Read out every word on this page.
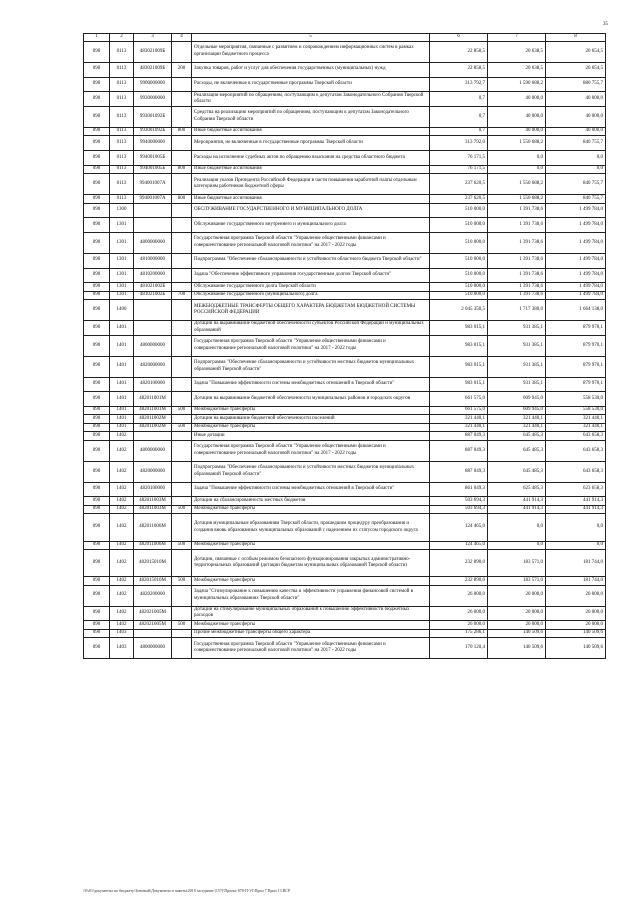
35
1	2	3	4	5	6	7	8
090	0113	483021009Б		Отдельные мероприятия, связанные с развитием и сопровождением информационных систем в рамках организации бюджетного процесса	22 858,5	20 638,5	20 654,5
090	0113	483021009Б	200	Закупка товаров, работ и услуг для обеспечения государственных (муниципальных) нужд	22 858,5	20 638,5	20 654,5
090	0113	9900000000		Расходы, не включенные в государственные программы Тверской области	313 792,7	1 590 688,2	880 755,7
090	0113	9930000000		Реализация мероприятий по обращениям, поступающим к депутатам Законодательного Собрания Тверской области	0,7	40 000,0	40 000,0
090	0113	993001092Б		Средства на реализацию мероприятий по обращениям, поступающим к депутатам Законодательного Собрания Тверской области	0,7	40 000,0	40 000,0
090	0113	993001092Б	800	Иные бюджетные ассигнования	0,7	40 000,0	40 000,0
090	0113	9940000000		Мероприятия, не включенные в государственные программы Тверской области	313 792,0	1 550 688,2	840 755,7
090	0113	994001005Б		Расходы на исполнение судебных актов по обращению взыскания на средства областного бюджета	76 171,5	0,0	0,0
090	0113	994001005Б	800	Иные бюджетные ассигнования	76 171,5	0,0	0,0
090	0113	994001007А		Реализация указов Президента Российской Федерации в части повышения заработной платы отдельным категориям работников бюджетной сферы	237 620,5	1 550 688,2	840 755,7
090	0113	994001007А	800	Иные бюджетные ассигнования	237 620,5	1 550 688,2	840 755,7
090	1300			ОБСЛУЖИВАНИЕ ГОСУДАРСТВЕННОГО И МУНИЦИПАЛЬНОГО ДОЛГА	510 000,0	1 391 738,6	1 499 784,0
090	1301			Обслуживание государственного внутреннего и муниципального долга	510 000,0	1 391 738,6	1 499 784,0
090	1301	4800000000		Государственная программа Тверской области "Управление общественными финансами и совершенствование региональной налоговой политики" на 2017 - 2022 годы	510 000,0	1 391 738,6	1 499 784,0
090	1301	4810000000		Подпрограмма "Обеспечение сбалансированности и устойчивости областного бюджета Тверской области"	510 000,0	1 391 738,6	1 499 784,0
090	1301	4810200000		Задача "Обеспечение эффективного управления государственным долгом Тверской области"	510 000,0	1 391 738,6	1 499 784,0
090	1301	481021002Б		Обслуживание государственного долга Тверской области	510 000,0	1 391 738,6	1 499 784,0
090	1301	481021002Б	700	Обслуживание государственного (муниципального) долга	510 000,0	1 391 738,6	1 499 784,0
090	1400			МЕЖБЮДЖЕТНЫЕ ТРАНСФЕРТЫ ОБЩЕГО ХАРАКТЕРА БЮДЖЕТАМ БЮДЖЕТНОЙ СИСТЕМЫ РОССИЙСКОЙ ФЕДЕРАЦИИ	2 045 350,5	1 717 380,0	1 664 138,0
090	1401			Дотации на выравнивание бюджетной обеспеченности субъектов Российской Федерации и муниципальных образований	983 015,1	931 385,1	879 970,1
090	1401	4800000000		Государственная программа Тверской области "Управление общественными финансами и совершенствование региональной налоговой политики" на 2017 - 2022 годы	983 015,1	931 385,1	879 970,1
090	1401	4820000000		Подпрограмма "Обеспечение сбалансированности и устойчивости местных бюджетов муниципальных образований Тверской области"	983 015,1	931 385,1	879 970,1
090	1401	4820100000		Задача "Повышение эффективности системы межбюджетных отношений в Тверской области"	983 015,1	931 385,1	879 970,1
090	1401	482011001М		Дотации на выравнивание бюджетной обеспеченности муниципальных районов и городских округов	661 575,0	609 945,0	558 530,0
090	1401	482011001М	500	Межбюджетные трансферты	661 575,0	609 945,0	558 530,0
090	1401	482011002М		Дотации на выравнивание бюджетной обеспеченности поселений	321 440,1	321 440,1	321 440,1
090	1401	482011002М	500	Межбюджетные трансферты	321 440,1	321 440,1	321 440,1
090	1402			Иные дотации	887 049,3	645 485,3	643 658,3
090	1402	4800000000		Государственная программа Тверской области "Управление общественными финансами и совершенствование региональной налоговой политики" на 2017 - 2022 годы	887 049,3	645 485,3	643 658,3
090	1402	4820000000		Подпрограмма "Обеспечение сбалансированности и устойчивости местных бюджетов муниципальных образований Тверской области"	887 049,3	645 485,3	643 658,3
090	1402	4820100000		Задача "Повышение эффективности системы межбюджетных отношений в Тверской области"	861 049,3	625 485,3	623 658,3
090	1402	482011003М		Дотации на сбалансированность местных бюджетов	503 694,3	441 914,3	441 914,3
090	1402	482011003М	500	Межбюджетные трансферты	503 694,3	441 914,3	441 914,3
090	1402	482011006М		Дотация муниципальным образованиям Тверской области, прошедшим процедуру преобразования и создания вновь образованных муниципальных образований с наделением их статусом городского округа	124 465,0	0,0	0,0
090	1402	482011006М	500	Межбюджетные трансферты	124 465,0	0,0	0,0
090	1402	482015010М		Дотации, связанные с особым режимом безопасного функционирования закрытых административно-территориальных образований (дотации бюджетам муниципальных образований Тверской области)	232 890,0	183 571,0	181 744,0
090	1402	482015010М	500	Межбюджетные трансферты	232 890,0	183 571,0	181 744,0
090	1402	4820200000		Задача "Стимулирование к повышению качества и эффективности управления финансовой системой в муниципальных образованиях Тверской области"	26 000,0	20 000,0	20 000,0
090	1402	482021005М		Дотации на стимулирование муниципальных образований к повышению эффективности бюджетных расходов	26 000,0	20 000,0	20 000,0
090	1402	482021005М	500	Межбюджетные трансферты	26 000,0	20 000,0	20 000,0
090	1403			Прочие межбюджетные трансферты общего характера	175 286,1	140 509,6	140 509,6
090	1403	4800000000		Государственная программа Тверской области "Управление общественными финансами и совершенствование региональной налоговой политики" на 2017 - 2022 годы	170 120,4	140 509,6	140 509,6
\\Fs01\документы по бюджету\Зоновый\Документы и пакеты\2018 заседание (157)\Проект 878-П-VI\Прил 7 Прил 13.BCP
